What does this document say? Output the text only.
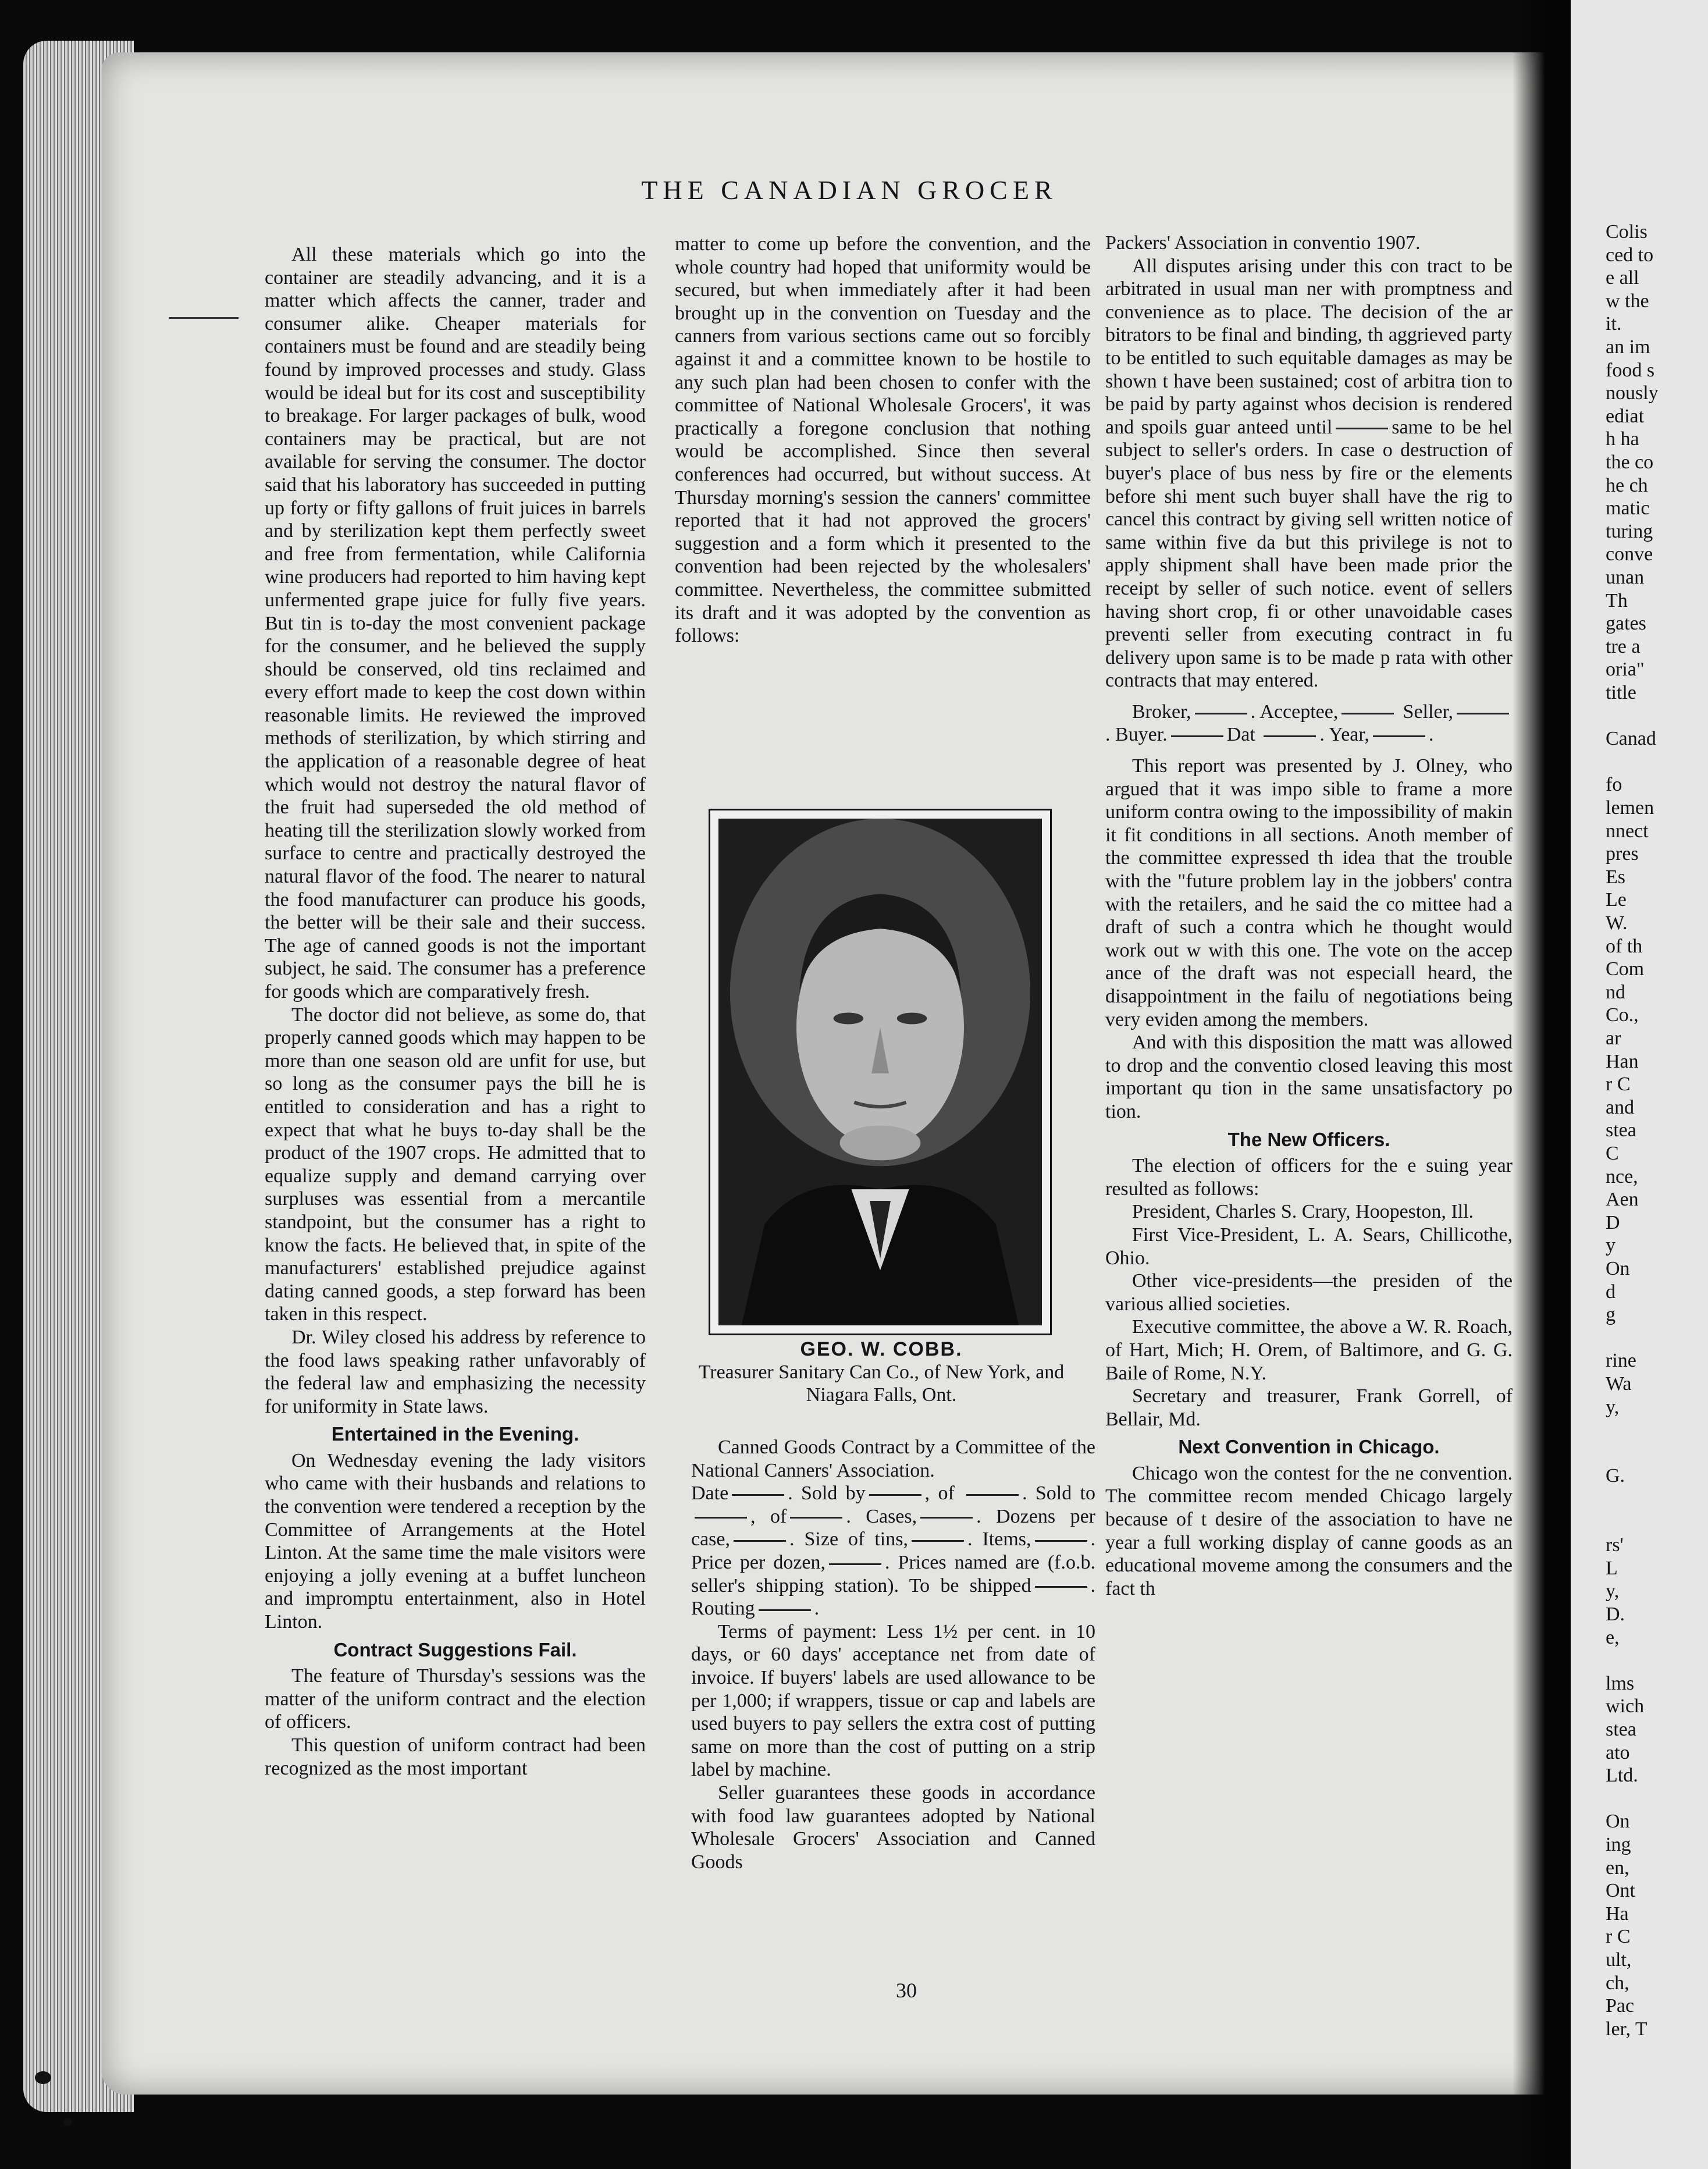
Colis
ced to
e all
w the
it.
an im
food s
nously
ediat
h ha
the co
he ch
matic
turing
conve
unan
Th
gates
tre a
oria"
title
Canad
fo
lemen
nnect
pres
Es
Le
W.
of th
Com
nd
Co.,
ar
Han
r C
and
stea
C
nce,
Aen
D
y
On
d
g
rine
Wa
y,
G.
rs'
L
y,
D.
e,
lms
wich
stea
ato
Ltd.
On
ing
en,
Ont
Ha
r C
ult,
ch,
Pac
ler, T
THE CANADIAN GROCER

All these materials which go into the container are steadily advancing, and it is a matter which affects the canner, trader and consumer alike. Cheaper materials for containers must be found and are steadily being found by improved processes and study. Glass would be ideal but for its cost and susceptibility to breakage. For larger packages of bulk, wood containers may be practical, but are not available for serving the consumer. The doctor said that his laboratory has succeeded in putting up forty or fifty gallons of fruit juices in barrels and by sterilization kept them perfectly sweet and free from fermentation, while California wine producers had reported to him having kept unfermented grape juice for fully five years. But tin is to-day the most convenient package for the consumer, and he believed the supply should be conserved, old tins reclaimed and every effort made to keep the cost down within reasonable limits. He reviewed the improved methods of sterilization, by which stirring and the application of a reasonable degree of heat which would not destroy the natural flavor of the fruit had superseded the old method of heating till the sterilization slowly worked from surface to centre and practically destroyed the natural flavor of the food. The nearer to natural the food manufacturer can produce his goods, the better will be their sale and their success. The age of canned goods is not the important subject, he said. The consumer has a preference for goods which are comparatively fresh.

The doctor did not believe, as some do, that properly canned goods which may happen to be more than one season old are unfit for use, but so long as the consumer pays the bill he is entitled to consideration and has a right to expect that what he buys to-day shall be the product of the 1907 crops. He admitted that to equalize supply and demand carrying over surpluses was essential from a mercantile standpoint, but the consumer has a right to know the facts. He believed that, in spite of the manufacturers' established prejudice against dating canned goods, a step forward has been taken in this respect.

Dr. Wiley closed his address by reference to the food laws speaking rather unfavorably of the federal law and emphasizing the necessity for uniformity in State laws.

Entertained in the Evening.

On Wednesday evening the lady visitors who came with their husbands and relations to the convention were tendered a reception by the Committee of Arrangements at the Hotel Linton. At the same time the male visitors were enjoying a jolly evening at a buffet luncheon and impromptu entertainment, also in Hotel Linton.

Contract Suggestions Fail.

The feature of Thursday's sessions was the matter of the uniform contract and the election of officers.

This question of uniform contract had been recognized as the most important

matter to come up before the convention, and the whole country had hoped that uniformity would be secured, but when immediately after it had been brought up in the convention on Tuesday and the canners from various sections came out so forcibly against it and a committee known to be hostile to any such plan had been chosen to confer with the committee of National Wholesale Grocers', it was practically a foregone conclusion that nothing would be accomplished. Since then several conferences had occurred, but without success. At Thursday morning's session the canners' committee reported that it had not approved the grocers' suggestion and a form which it presented to the convention had been rejected by the wholesalers' committee. Nevertheless, the committee submitted its draft and it was adopted by the convention as follows:

GEO. W. COBB.
Treasurer Sanitary Can Co., of New York, and Niagara Falls, Ont.

Canned Goods Contract by a Committee of the National Canners' Association.

Date	. Sold by	, of	. Sold to, of	. Cases,	. Dozens per case,	. Size of tins,	. Items,	. Price per dozen,	. Prices named are (f.o.b. seller's shipping station). To be shipped	. Routing	.

Terms of payment: Less 1½ per cent. in 10 days, or 60 days' acceptance net from date of invoice. If buyers' labels are used allowance to be per 1,000; if wrappers, tissue or cap and labels are used buyers to pay sellers the extra cost of putting same on more than the cost of putting on a strip label by machine.

Seller guarantees these goods in accordance with food law guarantees adopted by National Wholesale Grocers' Association and Canned Goods

Packers' Association in conventio 1907.

All disputes arising under this con tract to be arbitrated in usual man ner with promptness and convenience as to place. The decision of the ar bitrators to be final and binding, th aggrieved party to be entitled to such equitable damages as may be shown t have been sustained; cost of arbitra tion to be paid by party against whos decision is rendered and spoils guar anteed until	same to be hel subject to seller's orders. In case o destruction of buyer's place of bus ness by fire or the elements before shi ment such buyer shall have the rig to cancel this contract by giving sell written notice of same within five da but this privilege is not to apply shipment shall have been made prior the receipt by seller of such notice. event of sellers having short crop, fi or other unavoidable cases preventi seller from executing contract in fu delivery upon same is to be made p rata with other contracts that may entered.

Broker,	. Acceptee,	Seller,. Buyer.	Dat	. Year,	.

This report was presented by J. Olney, who argued that it was impo sible to frame a more uniform contra owing to the impossibility of makin it fit conditions in all sections. Anoth member of the committee expressed th idea that the trouble with the "future problem lay in the jobbers' contra with the retailers, and he said the co mittee had a draft of such a contra which he thought would work out w with this one. The vote on the accep ance of the draft was not especiall heard, the disappointment in the failu of negotiations being very eviden among the members.

And with this disposition the matt was allowed to drop and the conventio closed leaving this most important qu tion in the same unsatisfactory po tion.

The New Officers.

The election of officers for the e suing year resulted as follows:

President, Charles S. Crary, Hoopeston, Ill.

First Vice-President, L. A. Sears, Chillicothe, Ohio.

Other vice-presidents—the presiden of the various allied societies.

Executive committee, the above a W. R. Roach, of Hart, Mich; H. Orem, of Baltimore, and G. G. Baile of Rome, N.Y.

Secretary and treasurer, Frank Gorrell, of Bellair, Md.

Next Convention in Chicago.

Chicago won the contest for the ne convention. The committee recom mended Chicago largely because of t desire of the association to have ne year a full working display of canne goods as an educational moveme among the consumers and the fact th

30
